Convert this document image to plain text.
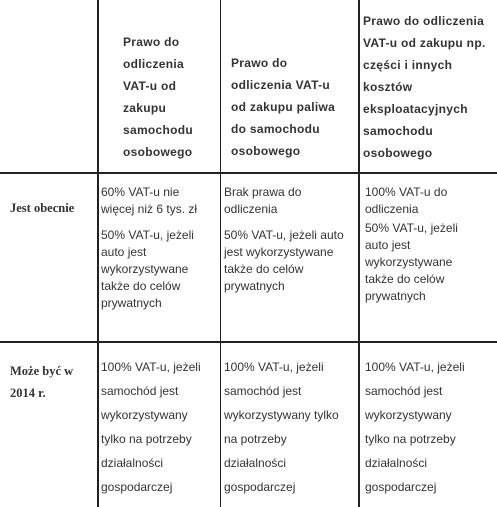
Prawo do
odliczenia
VAT-u od
zakupu
samochodu
osobowego
Prawo do
odliczenia VAT-u
od zakupu paliwa
do samochodu
osobowego
Prawo do odliczenia
VAT-u od zakupu np.
części i innych
kosztów
eksploatacyjnych
samochodu
osobowego
Jest obecnie

60% VAT-u nie

więcej niż 6 tys. zł

50% VAT-u, jeżeli

auto jest

wykorzystywane

także do celów

prywatnych

Brak prawa do

odliczenia

50% VAT-u, jeżeli auto

jest wykorzystywane

także do celów

prywatnych

100% VAT-u do

odliczenia

50% VAT-u, jeżeli

auto jest

wykorzystywane

także do celów

prywatnych

Może być w
2014 r.
100% VAT-u, jeżeli
samochód jest
wykorzystywany
tylko na potrzeby
działalności
gospodarczej
100% VAT-u, jeżeli
samochód jest
wykorzystywany tylko
na potrzeby
działalności
gospodarczej
100% VAT-u, jeżeli
samochód jest
wykorzystywany
tylko na potrzeby
działalności
gospodarczej
